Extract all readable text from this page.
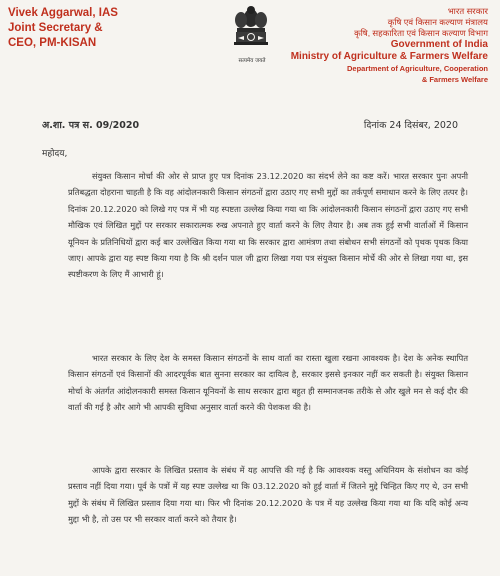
Vivek Aggarwal, IAS
Joint Secretary &
CEO, PM-KISAN
सत्यमेव जयते
भारत सरकार
कृषि एवं किसान कल्याण मंत्रालय
कृषि, सहकारिता एवं किसान कल्याण विभाग
Government of India
Ministry of Agriculture & Farmers Welfare
Department of Agriculture, Cooperation
& Farmers Welfare
अ.शा. पत्र स. 09/2020	दिनांक 24 दिसंबर, 2020
महोदय,

संयुक्त किसान मोर्चा की ओर से प्राप्त हुए पत्र दिनांक 23.12.2020 का संदर्भ लेने का कष्ट करें। भारत सरकार पुनः अपनी प्रतिबद्धता दोहराना चाहती है कि वह आंदोलनकारी किसान संगठनों द्वारा उठाए गए सभी मुद्दों का तर्कपूर्ण समाधान करने के लिए तत्पर है। दिनांक 20.12.2020 को लिखे गए पत्र में भी यह स्पष्टता उल्लेख किया गया था कि आंदोलनकारी किसान संगठनों द्वारा उठाए गए सभी मौखिक एवं लिखित मुद्दों पर सरकार सकारात्मक रुख अपनाते हुए वार्ता करने के लिए तैयार है। अब तक हुई सभी वार्ताओं में किसान यूनियन के प्रतिनिधियों द्वारा कई बार उल्लेखित किया गया था कि सरकार द्वारा आमंत्रण तथा संबोधन सभी संगठनों को पृथक पृथक किया जाए। आपके द्वारा यह स्पष्ट किया गया है कि श्री दर्शन पाल जी द्वारा लिखा गया पत्र संयुक्त किसान मोर्चे की ओर से लिखा गया था, इस स्पष्टीकरण के लिए मैं आभारी हूं।

भारत सरकार के लिए देश के समस्त किसान संगठनों के साथ वार्ता का रास्ता खुला रखना आवश्यक है। देश के अनेक स्थापित किसान संगठनों एवं किसानों की आदरपूर्वक बात सुनना सरकार का दायित्व है, सरकार इससे इनकार नहीं कर सकती है। संयुक्त किसान मोर्चा के अंतर्गत आंदोलनकारी समस्त किसान यूनियनों के साथ सरकार द्वारा बहुत ही सम्मानजनक तरीके से और खुले मन से कई दौर की वार्ता की गई है और आगे भी आपकी सुविधा अनुसार वार्ता करने की पेशकश की है।

आपके द्वारा सरकार के लिखित प्रस्ताव के संबंध में यह आपत्ति की गई है कि आवश्यक वस्तु अधिनियम के संशोधन का कोई प्रस्ताव नहीं दिया गया। पूर्व के पत्रों में यह स्पष्ट उल्लेख था कि 03.12.2020 को हुई वार्ता में जितने मुद्दे चिन्हित किए गए थे, उन सभी मुद्दों के संबंध में लिखित प्रस्ताव दिया गया था। फिर भी दिनांक 20.12.2020 के पत्र में यह उल्लेख किया गया था कि यदि कोई अन्य मुद्दा भी है, तो उस पर भी सरकार वार्ता करने को तैयार है।
